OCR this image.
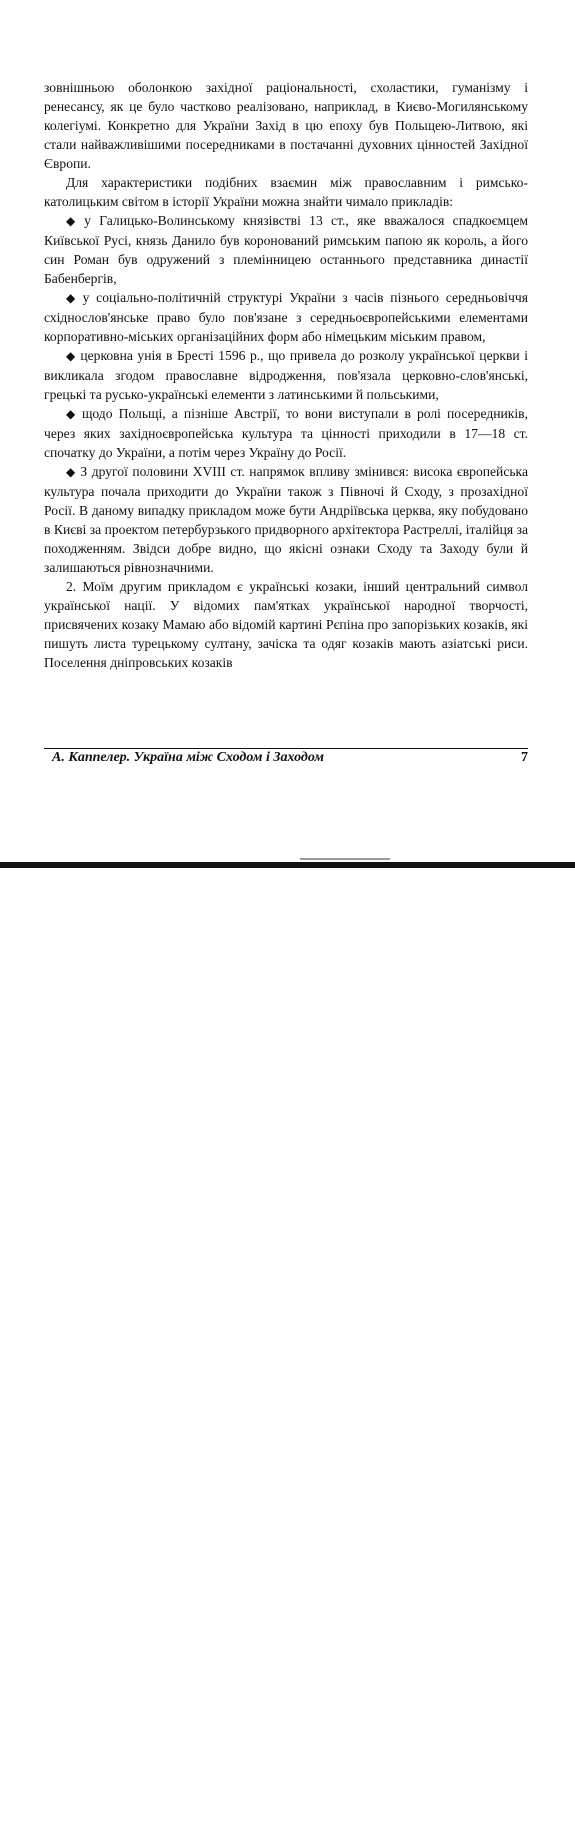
зовнішньою оболонкою західної раціональності, схоластики, гуманізму і ренесансу, як це було частково реалізовано, наприклад, в Києво-Могилянському колегіумі. Конкретно для України Захід в цю епоху був Польщею-Литвою, які стали найважливішими посередниками в постачанні духовних цінностей Західної Європи.

Для характеристики подібних взаємин між православним і римсько-католицьким світом в історії України можна знайти чимало прикладів:

◆ у Галицько-Волинському князівстві 13 ст., яке вважалося спадкоємцем Київської Русі, князь Данило був коронований римським папою як король, а його син Роман був одружений з племінницею останнього представника династії Бабенбергів,

◆ у соціально-політичній структурі України з часів пізнього середньовіччя східнослов'янське право було пов'язане з середньоєвропейськими елементами корпоративно-міських організаційних форм або німецьким міським правом,

◆ церковна унія в Бресті 1596 р., що привела до розколу української церкви і викликала згодом православне відродження, пов'язала церковно-слов'янські, грецькі та русько-українські елементи з латинськими й польськими,

◆ щодо Польщі, а пізніше Австрії, то вони виступали в ролі посередників, через яких західноєвропейська культура та цінності приходили в 17—18 ст. спочатку до України, а потім через Україну до Росії.

◆ З другої половини XVIII ст. напрямок впливу змінився: висока європейська культура почала приходити до України також з Півночі й Сходу, з прозахідної Росії. В даному випадку прикладом може бути Андріївська церква, яку побудовано в Києві за проектом петербурзького придворного архітектора Растреллі, італійця за походженням. Звідси добре видно, що якісні ознаки Сходу та Заходу були й залишаються рівнозначними.

2. Моїм другим прикладом є українські козаки, інший центральний символ української нації. У відомих пам'ятках української народної творчості, присвячених козаку Мамаю або відомій картині Рєпіна про запорізьких козаків, які пишуть листа турецькому султану, зачіска та одяг козаків мають азіатські риси. Поселення дніпровських козаків

А. Каппелер. Україна між Сходом і Заходом	7
